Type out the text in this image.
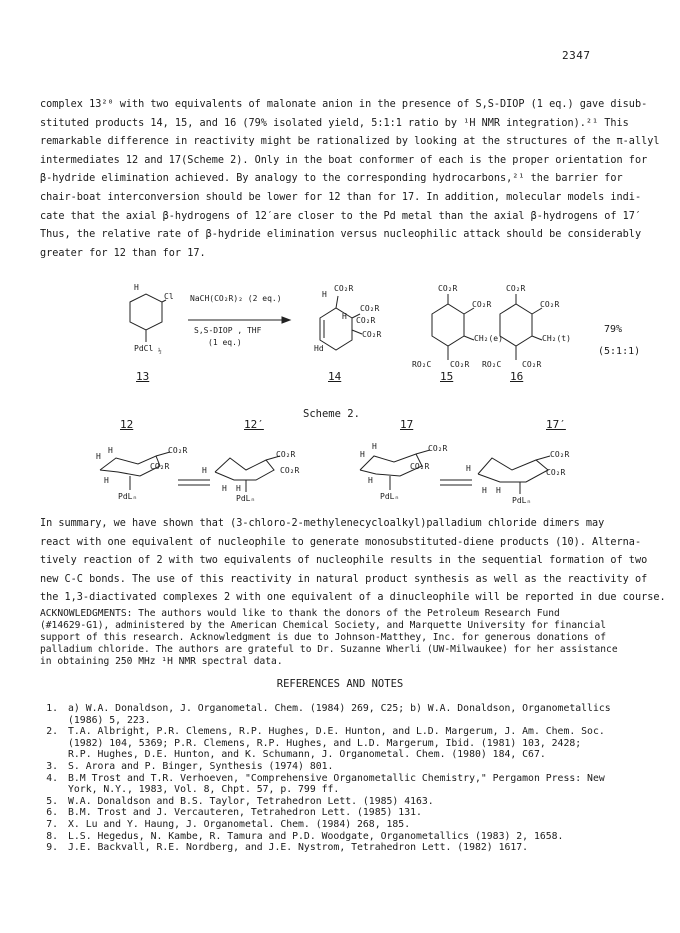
2347

complex 13²⁰ with two equivalents of malonate anion in the presence of S,S-DIOP (1 eq.) gave disub-

stituted products 14, 15, and 16 (79% isolated yield, 5:1:1 ratio by ¹H NMR integration).²¹ This

remarkable difference in reactivity might be rationalized by looking at the structures of the π-allyl

intermediates 12 and 17(Scheme 2). Only in the boat conformer of each is the proper orientation for

β-hydride elimination achieved. By analogy to the corresponding hydrocarbons,²¹ the barrier for

chair-boat interconversion should be lower for 12 than for 17. In addition, molecular models indi-

cate that the axial β-hydrogens of 12′are closer to the Pd metal than the axial β-hydrogens of 17′

Thus, the relative rate of β-hydride elimination versus nucleophilic attack should be considerably

greater for 12 than for 17.

H
Cl
PdCl ½
NaCH(CO₂R)₂ (2 eq.)
S,S-DIOP , THF
(1 eq.)
CO₂R
CO₂R
CO₂R
CO₂R
H
H
Hd
CO₂R
CO₂R
CH₂(e)
RO₂C CO₂R
CO₂R
CO₂R
CH₂(t)
RO₂C	CO₂R
79%
(5:1:1)
13	14	15	16
Scheme 2.
12	12′	17	17′
CO₂R
CO₂R
CO₂R
CO₂R
CO₂R
CO₂R
CO₂R
CO₂R
H
H
H
H
H H
H
H
H
H
H H
PdLₙ	PdLₙ	PdLₙ	PdLₙ

In summary, we have shown that (3-chloro-2-methylenecycloalkyl)palladium chloride dimers may

react with one equivalent of nucleophile to generate monosubstituted-diene products (10). Alterna-

tively reaction of 2 with two equivalents of nucleophile results in the sequential formation of two

new C-C bonds. The use of this reactivity in natural product synthesis as well as the reactivity of

the 1,3-diactivated complexes 2 with one equivalent of a dinucleophile will be reported in due course.

ACKNOWLEDGMENTS: The authors would like to thank the donors of the Petroleum Research Fund

(#14629-G1), administered by the American Chemical Society, and Marquette University for financial

support of this research. Acknowledgment is due to Johnson-Matthey, Inc. for generous donations of

palladium chloride. The authors are grateful to Dr. Suzanne Wherli (UW-Milwaukee) for her assistance

in obtaining 250 MHz ¹H NMR spectral data.

REFERENCES AND NOTES
1.	a) W.A. Donaldson, J. Organometal. Chem. (1984) 269, C25; b) W.A. Donaldson, Organometallics
(1986) 5, 223.
2.	T.A. Albright, P.R. Clemens, R.P. Hughes, D.E. Hunton, and L.D. Margerum, J. Am. Chem. Soc.
(1982) 104, 5369; P.R. Clemens, R.P. Hughes, and L.D. Margerum, Ibid. (1981) 103, 2428;
R.P. Hughes, D.E. Hunton, and K. Schumann, J. Organometal. Chem. (1980) 184, C67.
3.	S. Arora and P. Binger, Synthesis (1974) 801.
4.	B.M Trost and T.R. Verhoeven, "Comprehensive Organometallic Chemistry," Pergamon Press: New
York, N.Y., 1983, Vol. 8, Chpt. 57, p. 799 ff.
5.	W.A. Donaldson and B.S. Taylor, Tetrahedron Lett. (1985) 4163.
6.	B.M. Trost and J. Vercauteren, Tetrahedron Lett. (1985) 131.
7.	X. Lu and Y. Haung, J. Organometal. Chem. (1984) 268, 185.
8.	L.S. Hegedus, N. Kambe, R. Tamura and P.D. Woodgate, Organometallics (1983) 2, 1658.
9.	J.E. Backvall, R.E. Nordberg, and J.E. Nystrom, Tetrahedron Lett. (1982) 1617.
